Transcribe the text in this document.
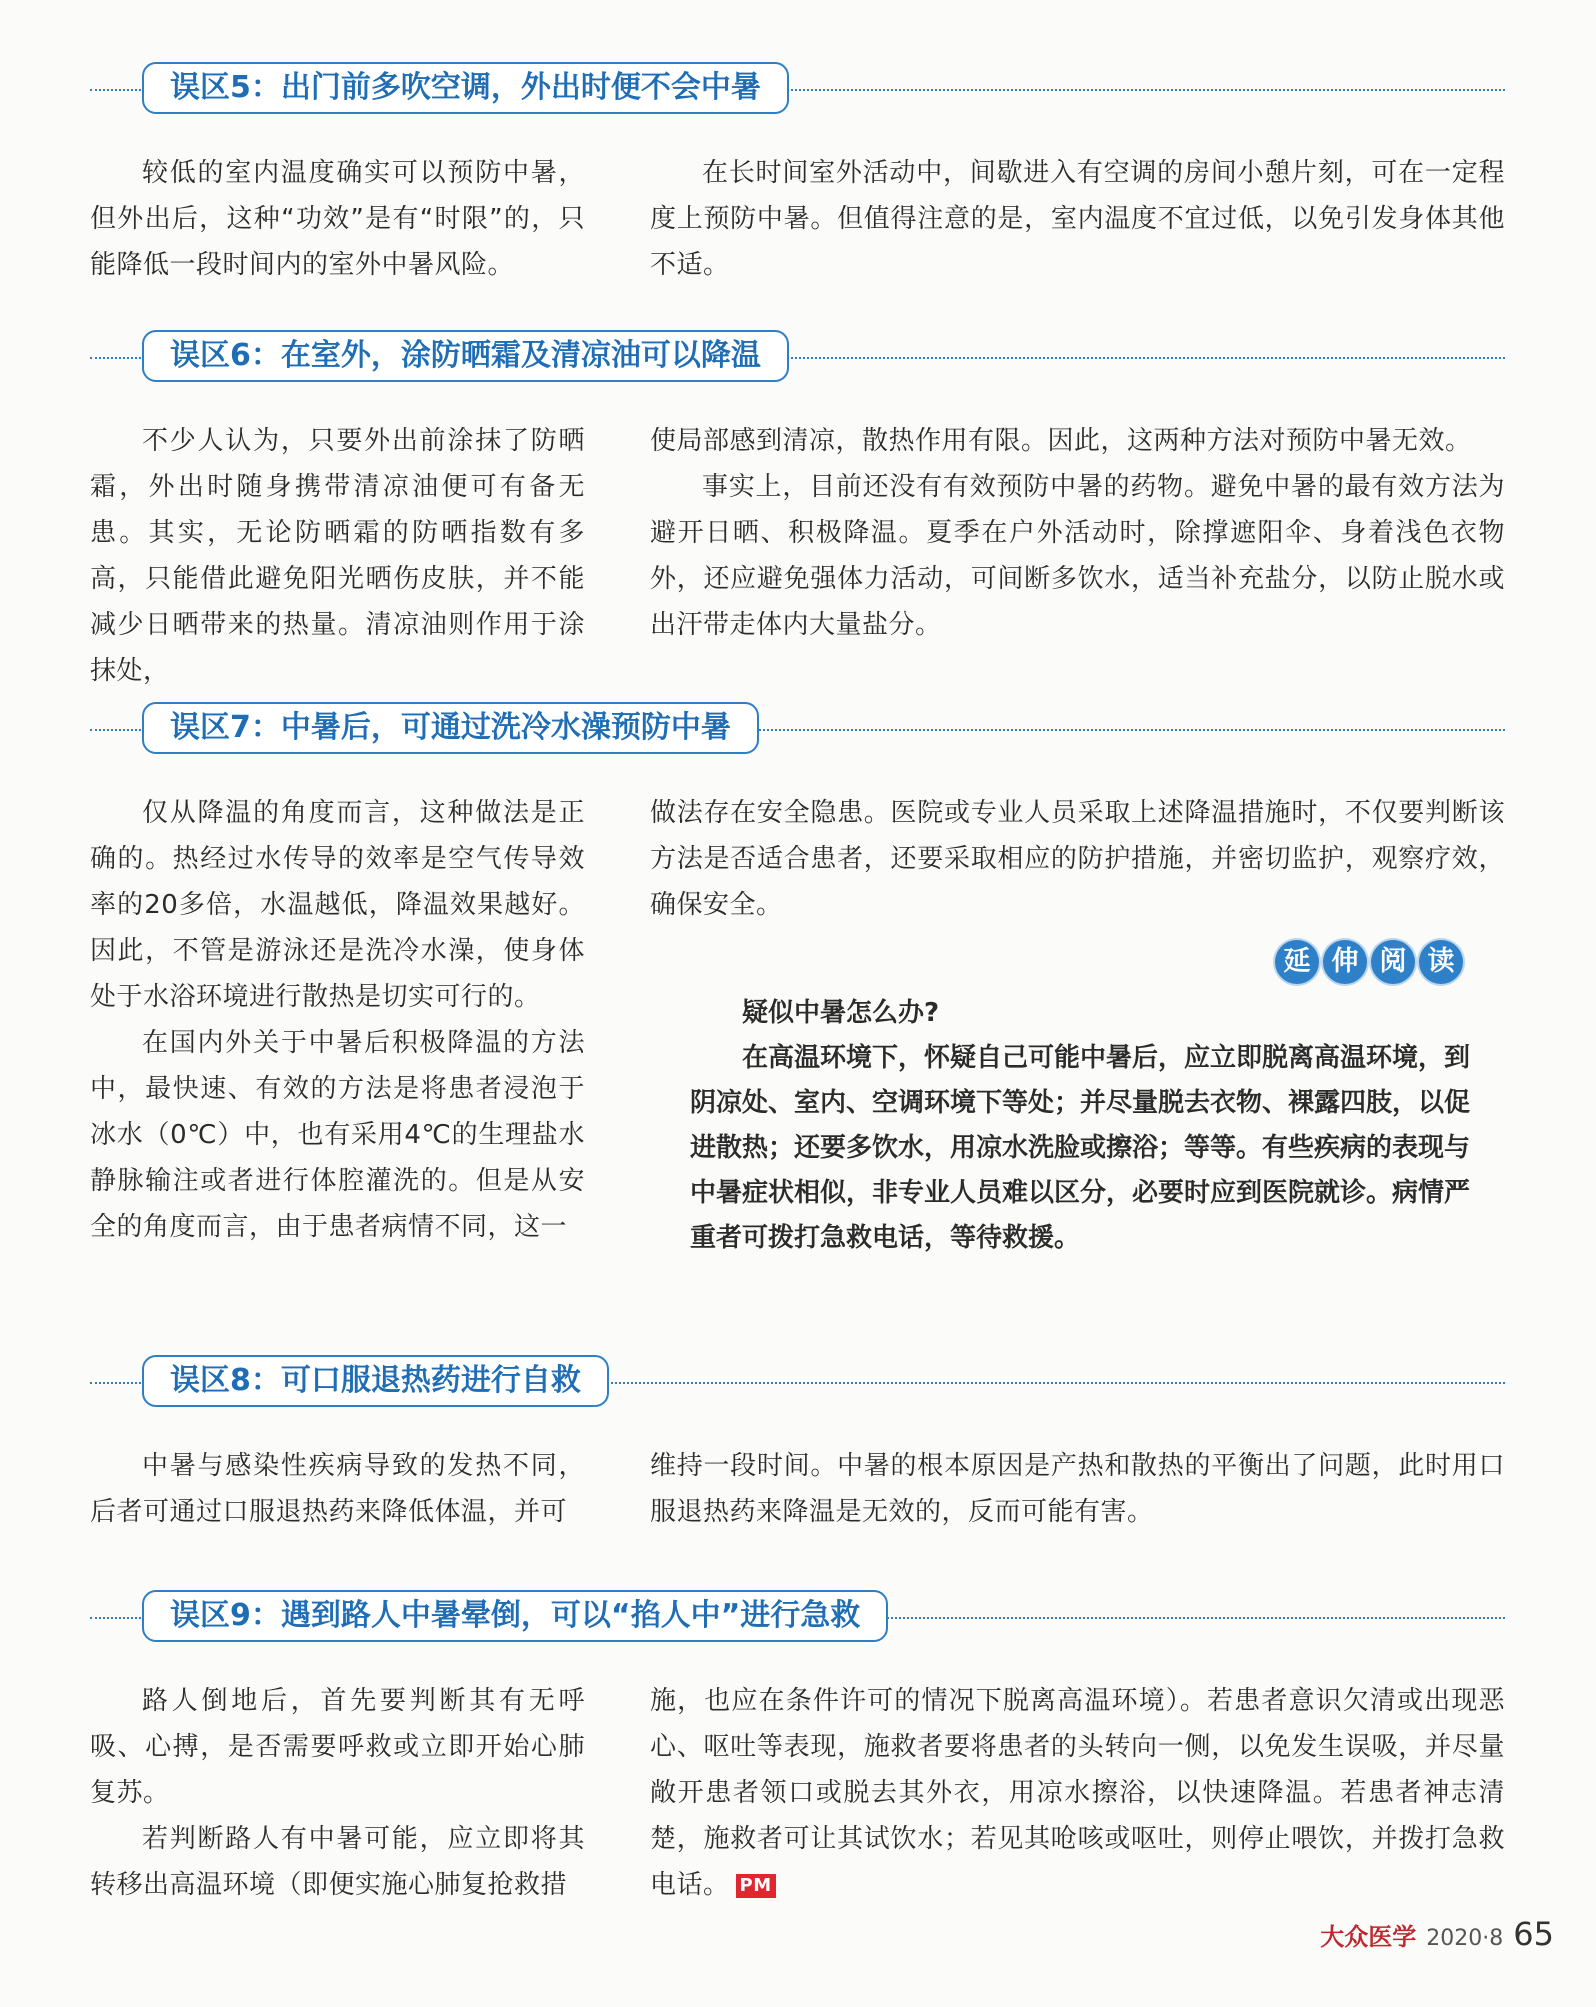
误区5：出门前多吹空调，外出时便不会中暑

较低的室内温度确实可以预防中暑，但外出后，这种“功效”是有“时限”的，只能降低一段时间内的室外中暑风险。

在长时间室外活动中，间歇进入有空调的房间小憩片刻，可在一定程度上预防中暑。但值得注意的是，室内温度不宜过低，以免引发身体其他不适。

误区6：在室外，涂防晒霜及清凉油可以降温

不少人认为，只要外出前涂抹了防晒霜，外出时随身携带清凉油便可有备无患。其实，无论防晒霜的防晒指数有多高，只能借此避免阳光晒伤皮肤，并不能减少日晒带来的热量。清凉油则作用于涂抹处，

使局部感到清凉，散热作用有限。因此，这两种方法对预防中暑无效。

事实上，目前还没有有效预防中暑的药物。避免中暑的最有效方法为避开日晒、积极降温。夏季在户外活动时，除撑遮阳伞、身着浅色衣物外，还应避免强体力活动，可间断多饮水，适当补充盐分，以防止脱水或出汗带走体内大量盐分。

误区7：中暑后，可通过洗冷水澡预防中暑

仅从降温的角度而言，这种做法是正确的。热经过水传导的效率是空气传导效率的20多倍，水温越低，降温效果越好。因此，不管是游泳还是洗冷水澡，使身体处于水浴环境进行散热是切实可行的。

在国内外关于中暑后积极降温的方法中，最快速、有效的方法是将患者浸泡于冰水（0℃）中，也有采用4℃的生理盐水静脉输注或者进行体腔灌洗的。但是从安全的角度而言，由于患者病情不同，这一

做法存在安全隐患。医院或专业人员采取上述降温措施时，不仅要判断该方法是否适合患者，还要采取相应的防护措施，并密切监护，观察疗效，确保安全。

延 伸 阅 读
疑似中暑怎么办?

在高温环境下，怀疑自己可能中暑后，应立即脱离高温环境，到阴凉处、室内、空调环境下等处；并尽量脱去衣物、裸露四肢，以促进散热；还要多饮水，用凉水洗脸或擦浴；等等。有些疾病的表现与中暑症状相似，非专业人员难以区分，必要时应到医院就诊。病情严重者可拨打急救电话，等待救援。

误区8：可口服退热药进行自救

中暑与感染性疾病导致的发热不同，后者可通过口服退热药来降低体温，并可

维持一段时间。中暑的根本原因是产热和散热的平衡出了问题，此时用口服退热药来降温是无效的，反而可能有害。

误区9：遇到路人中暑晕倒，可以“掐人中”进行急救

路人倒地后，首先要判断其有无呼吸、心搏，是否需要呼救或立即开始心肺复苏。

若判断路人有中暑可能，应立即将其转移出高温环境（即便实施心肺复抢救措

施，也应在条件许可的情况下脱离高温环境）。若患者意识欠清或出现恶心、呕吐等表现，施救者要将患者的头转向一侧，以免发生误吸，并尽量敞开患者领口或脱去其外衣，用凉水擦浴，以快速降温。若患者神志清楚，施救者可让其试饮水；若见其呛咳或呕吐，则停止喂饮，并拨打急救电话。 PM

大众医学 2020·8 65
